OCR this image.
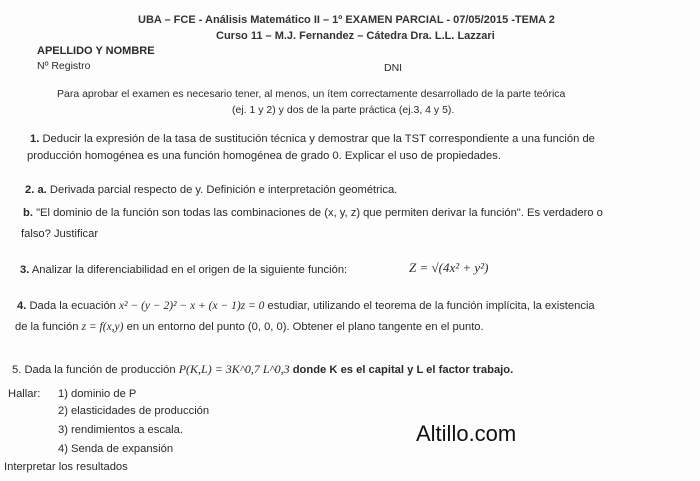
UBA – FCE - Análisis Matemático II – 1º EXAMEN PARCIAL - 07/05/2015 -TEMA 2
Curso 11 – M.J. Fernandez – Cátedra Dra. L.L. Lazzari
APELLIDO Y NOMBRE
Nº Registro	DNI
Para aprobar el examen es necesario tener, al menos, un ítem correctamente desarrollado de la parte teórica
(ej. 1 y 2) y dos de la parte práctica (ej.3, 4 y 5).
1. Deducir la expresión de la tasa de sustitución técnica y demostrar que la TST correspondiente a una función de
producción homogénea es una función homogénea de grado 0. Explicar el uso de propiedades.
2. a. Derivada parcial respecto de y. Definición e interpretación geométrica.
b. "El dominio de la función son todas las combinaciones de (x, y, z) que permiten derivar la función". Es verdadero o
falso? Justificar
3. Analizar la diferenciabilidad en el origen de la siguiente función:	Z = √(4x² + y²)
4. Dada la ecuación x² − (y − 2)² − x + (x − 1)z = 0 estudiar, utilizando el teorema de la función implícita, la existencia
de la función z = f(x,y) en un entorno del punto (0, 0, 0). Obtener el plano tangente en el punto.
5. Dada la función de producción P(K,L) = 3K^0,7 L^0,3 donde K es el capital y L el factor trabajo.
Hallar: 1) dominio de P
2) elasticidades de producción
3) rendimientos a escala.
4) Senda de expansión
Interpretar los resultados
Altillo.com
